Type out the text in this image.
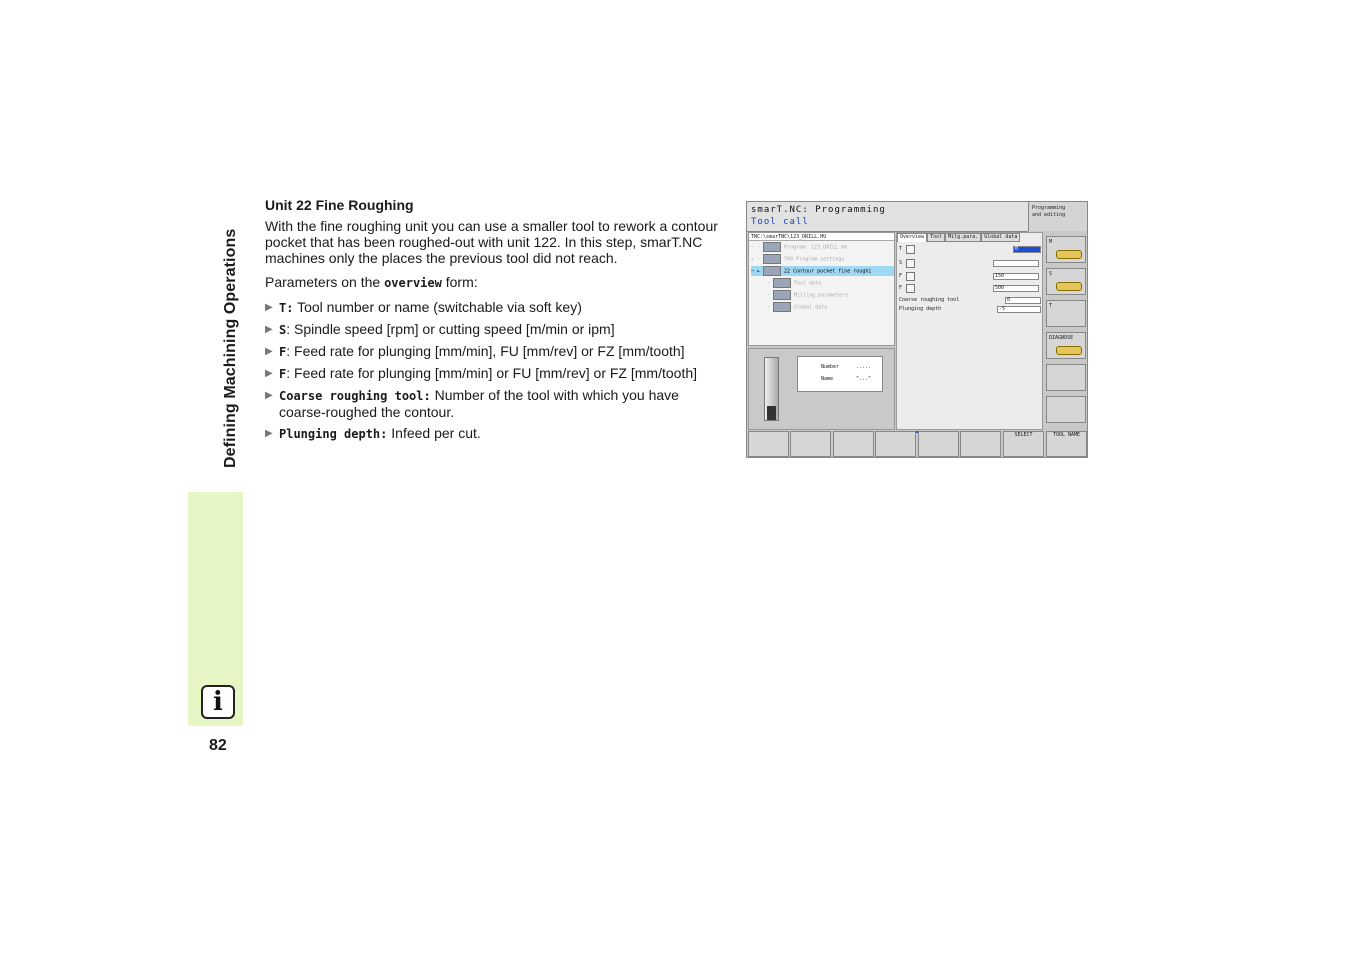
Defining Machining Operations
i
82
Unit 22 Fine Roughing

With the fine roughing unit you can use a smaller tool to rework a contour pocket that has been roughed-out with unit 122. In this step, smarT.NC machines only the places the previous tool did not reach.

Parameters on the overview form:

▶ T: Tool number or name (switchable via soft key)
▶ S: Spindle speed [rpm] or cutting speed [m/min or ipm]
▶ F: Feed rate for plunging [mm/min], FU [mm/rev] or FZ [mm/tooth]
▶ F: Feed rate for plunging [mm/min] or FU [mm/rev] or FZ [mm/tooth]
▶ Coarse roughing tool: Number of the tool with which you have coarse-roughed the contour.
▶ Plunging depth: Infeed per cut.
smarT.NC: Programming
Tool call
Programming
and editing
TNC:\smarTNC\123_DRILL.HU
− ·	Program: 123_DRILL mm
▸ ·	700 Program settings
− ▸	22 Contour pocket fine roughi
·	Tool data
·	Milling parameters
·	Global data
Number	.....
Name	"..."
Overview	Tool	Milg.para.	Global data
T	0
S
F	150
F	500
Coarse roughing tool	0
Plunging depth	-5
M
S
T
DIAGNOSE
SELECT	TOOL NAME
